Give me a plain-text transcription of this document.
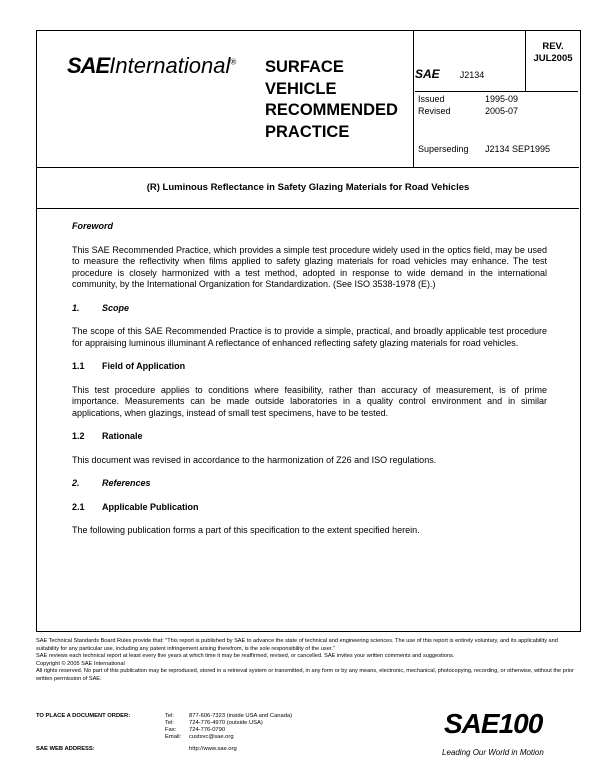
SAEInternational® SURFACE
VEHICLE
RECOMMENDED
PRACTICE
SAE J2134
REV.
JUL2005
Issued	1995-09
Revised	2005-07
Superseding J2134 SEP1995
(R) Luminous Reflectance in Safety Glazing Materials for Road Vehicles
Foreword

This SAE Recommended Practice, which provides a simple test procedure widely used in the optics field, may be used to measure the reflectivity when films applied to safety glazing materials for road vehicles may enhance. The test procedure is closely harmonized with a test method, adopted in response to wide demand in the international community, by the International Organization for Standardization. (See ISO 3538-1978 (E).)

1. Scope

The scope of this SAE Recommended Practice is to provide a simple, practical, and broadly applicable test procedure for appraising luminous illuminant A reflectance of enhanced reflecting safety glazing materials for road vehicles.

1.1 Field of Application

This test procedure applies to conditions where feasibility, rather than accuracy of measurement, is of prime importance. Measurements can be made outside laboratories in a quality control environment and in similar applications, when glazings, instead of small test specimens, have to be tested.

1.2 Rationale

This document was revised in accordance to the harmonization of Z26 and ISO regulations.

2. References
2.1 Applicable Publication

The following publication forms a part of this specification to the extent specified herein.

SAE Technical Standards Board Rules provide that: "This report is published by SAE to advance the state of technical and engineering sciences. The use of this report is entirely voluntary, and its applicability and suitability for any particular use, including any patent infringement arising therefrom, is the sole responsibility of the user."

SAE reviews each technical report at least every five years at which time it may be reaffirmed, revised, or cancelled. SAE invites your written comments and suggestions.

Copyright © 2005 SAE International

All rights reserved. No part of this publication may be reproduced, stored in a retrieval system or transmitted, in any form or by any means, electronic, mechanical, photocopying, recording, or otherwise, without the prior written permission of SAE.

TO PLACE A DOCUMENT ORDER:	Tel:	877-606-7323 (inside USA and Canada)
Tel:	724-776-4970 (outside USA)
Fax:	724-776-0790
Email:	custsvc@sae.org
SAE WEB ADDRESS:	http://www.sae.org
SAE100
Leading Our World in Motion
